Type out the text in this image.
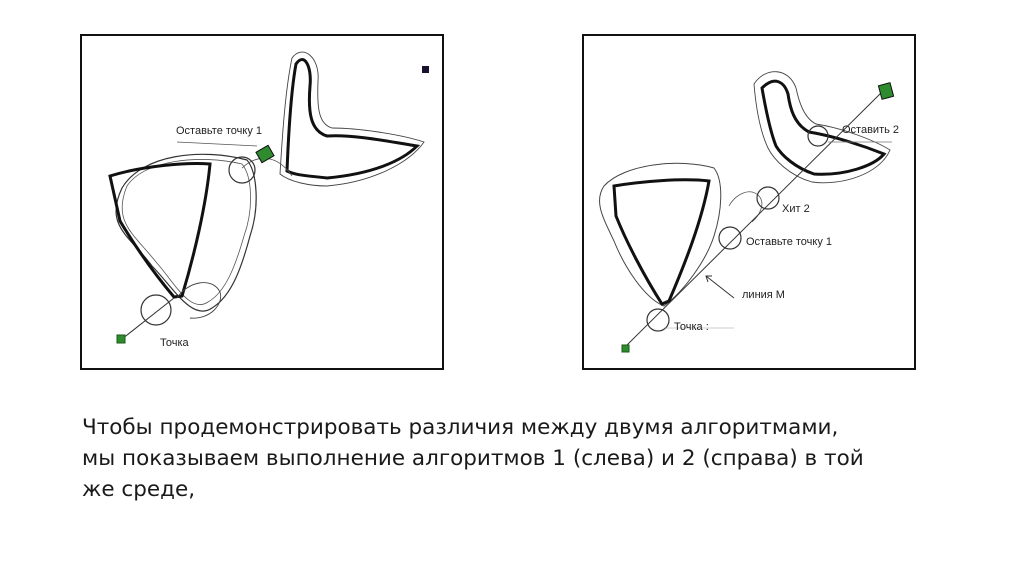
Оставьте точку 1
Точка
Оставить 2
Хит 2
Оставьте точку 1
линия М
Точка :
Чтобы продемонстрировать различия между двумя алгоритмами,
мы показываем выполнение алгоритмов 1 (слева) и 2 (справа) в той
же среде,
